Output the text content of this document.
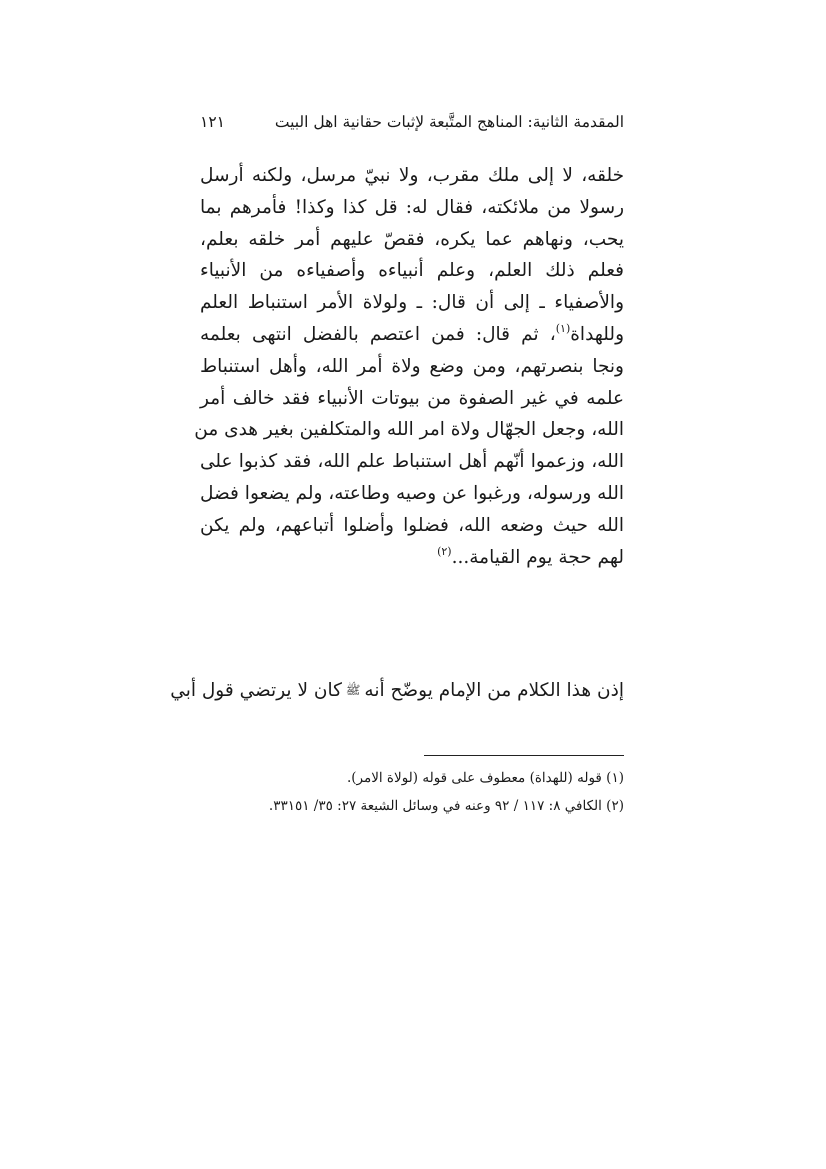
المقدمة الثانية: المناهج المتَّبعة لإثبات حقانية اهل البيت
١٢١
خلقه، لا إلى ملك مقرب، ولا نبيّ مرسل، ولكنه أرسل
رسولا من ملائكته، فقال له: قل كذا وكذا! فأمرهم بما
يحب، ونهاهم عما يكره، فقصّ عليهم أمر خلقه بعلم،
فعلم ذلك العلم، وعلم أنبياءه وأصفياءه من الأنبياء
والأصفياء ـ إلى أن قال: ـ ولولاة الأمر استنباط العلم
وللهداة$^{(١)}$، ثم قال: فمن اعتصم بالفضل انتهى بعلمه
ونجا بنصرتهم، ومن وضع ولاة أمر الله، وأهل استنباط
علمه في غير الصفوة من بيوتات الأنبياء فقد خالف أمر
الله، وجعل الجهّال ولاة امر الله والمتكلفين بغير هدى من
الله، وزعموا أنّهم أهل استنباط علم الله، فقد كذبوا على
الله ورسوله، ورغبوا عن وصيه وطاعته، ولم يضعوا فضل
الله حيث وضعه الله، فضلوا وأضلوا أتباعهم، ولم يكن
لهم حجة يوم القيامة...$^{(٢)}$
إذن هذا الكلام من الإمام يوضّح أنهﷺكان لا يرتضي قول أبي
(١) قوله (للهداة) معطوف على قوله (لولاة الامر).
(٢) الكافي ٨: ١١٧ / ٩٢ وعنه في وسائل الشيعة ٢٧: ٣٥/ ٣٣١٥١.
